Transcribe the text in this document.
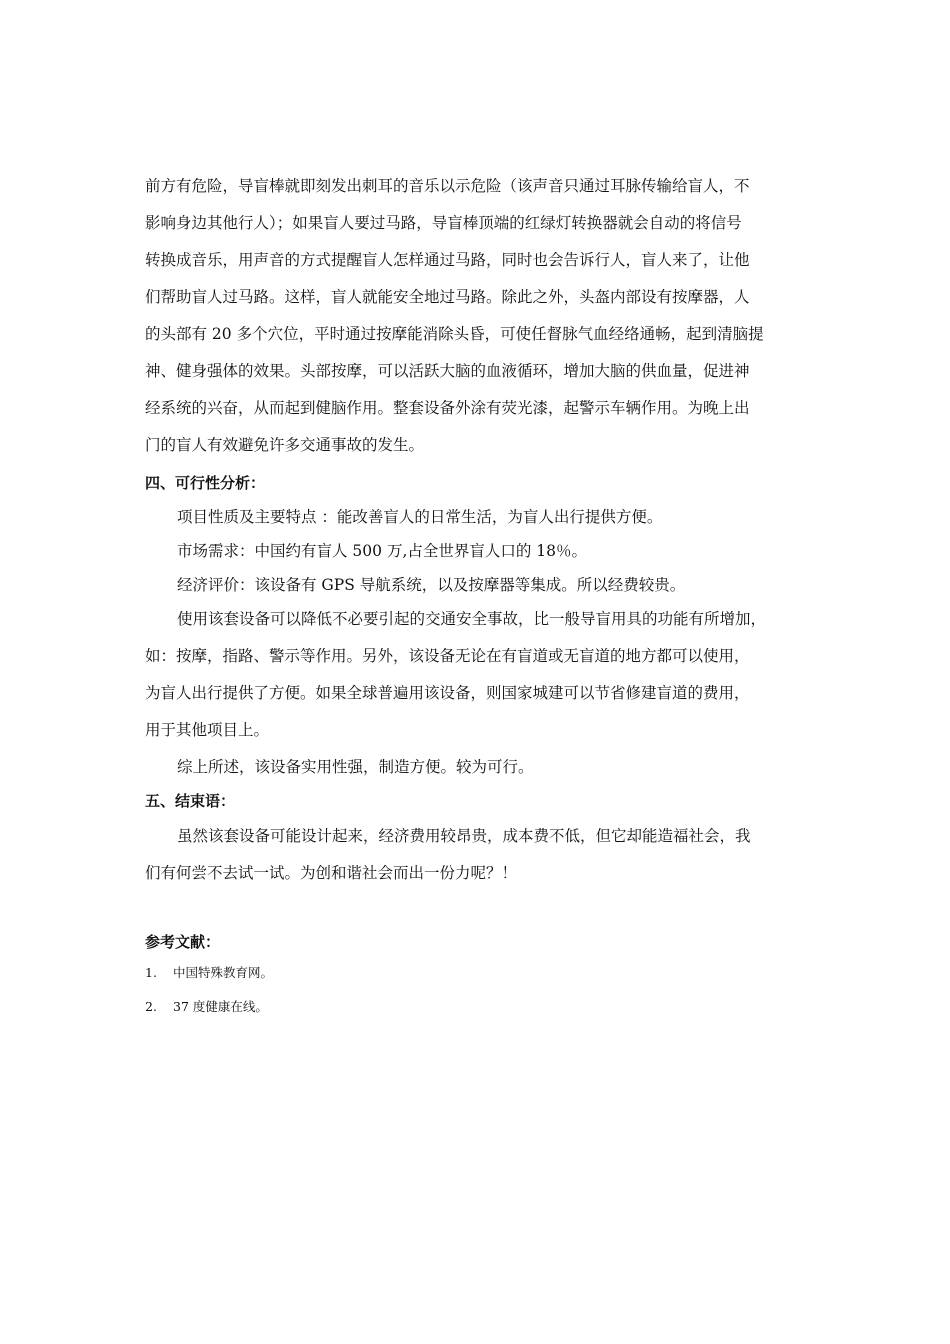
前方有危险，导盲棒就即刻发出刺耳的音乐以示危险（该声音只通过耳脉传输给盲人，不
影响身边其他行人）；如果盲人要过马路，导盲棒顶端的红绿灯转换器就会自动的将信号
转换成音乐，用声音的方式提醒盲人怎样通过马路，同时也会告诉行人，盲人来了，让他
们帮助盲人过马路。这样，盲人就能安全地过马路。除此之外，头盔内部设有按摩器，人
的头部有 20 多个穴位，平时通过按摩能消除头昏，可使任督脉气血经络通畅，起到清脑提
神、健身强体的效果。头部按摩，可以活跃大脑的血液循环，增加大脑的供血量，促进神
经系统的兴奋，从而起到健脑作用。整套设备外涂有荧光漆，起警示车辆作用。为晚上出
门的盲人有效避免许多交通事故的发生。
四、可行性分析：
项目性质及主要特点 ：能改善盲人的日常生活，为盲人出行提供方便。
市场需求：中国约有盲人 500 万,占全世界盲人口的 18％。
经济评价：该设备有 GPS 导航系统，以及按摩器等集成。所以经费较贵。
使用该套设备可以降低不必要引起的交通安全事故，比一般导盲用具的功能有所增加，
如：按摩，指路、警示等作用。另外，该设备无论在有盲道或无盲道的地方都可以使用，
为盲人出行提供了方便。如果全球普遍用该设备，则国家城建可以节省修建盲道的费用，
用于其他项目上。
综上所述，该设备实用性强，制造方便。较为可行。
五、结束语：
虽然该套设备可能设计起来，经济费用较昂贵，成本费不低，但它却能造福社会，我
们有何尝不去试一试。为创和谐社会而出一份力呢？！
参考文献：
1. 中国特殊教育网。
2. 37 度健康在线。
